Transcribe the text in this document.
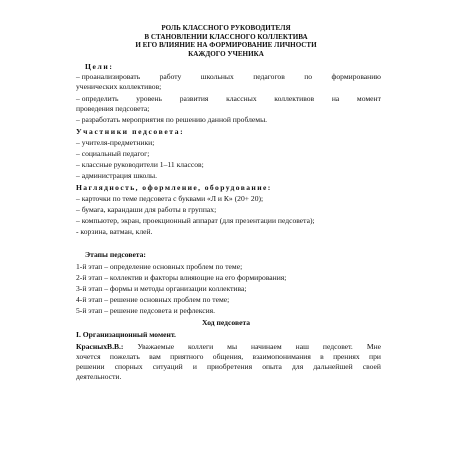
РОЛЬ КЛАССНОГО РУКОВОДИТЕЛЯ
В СТАНОВЛЕНИИ КЛАССНОГО КОЛЛЕКТИВА
И ЕГО ВЛИЯНИЕ НА ФОРМИРОВАНИЕ ЛИЧНОСТИ
КАЖДОГО УЧЕНИКА
Цели:
– проанализировать	работу	школьных	педагогов	по	формированию
ученических коллективов;
– определить уровень развития классных коллективов на момент
проведения педсовета;
– разработать мероприятия по решению данной проблемы.
Участники педсовета:
– учителя-предметники;
– социальный педагог;
– классные руководители 1–11 классов;
– администрация школы.
Наглядность, оформление, оборудование:
– карточки по теме педсовета с буквами «Л и К» (20+ 20);
– бумага, карандаши для работы в группах;
– компьютер, экран, проекционный аппарат (для презентации педсовета);
- корзина, ватман, клей.
Этапы педсовета:
1-й этап – определение основных проблем по теме;
2-й этап – коллектив и факторы влияющие на его формирования;
3-й этап – формы и методы организации коллектива;
4-й этап – решение основных проблем по теме;
5-й этап – решение педсовета и рефлексия.
Ход педсовета
I. Организационный момент.
КрасныхВ.В.: Уважаемые коллеги мы начинаем наш педсовет. Мне
хочется пожелать вам приятного общения, взаимопонимания в прениях при
решении спорных ситуаций и приобретения опыта для дальнейшей своей
деятельности.
